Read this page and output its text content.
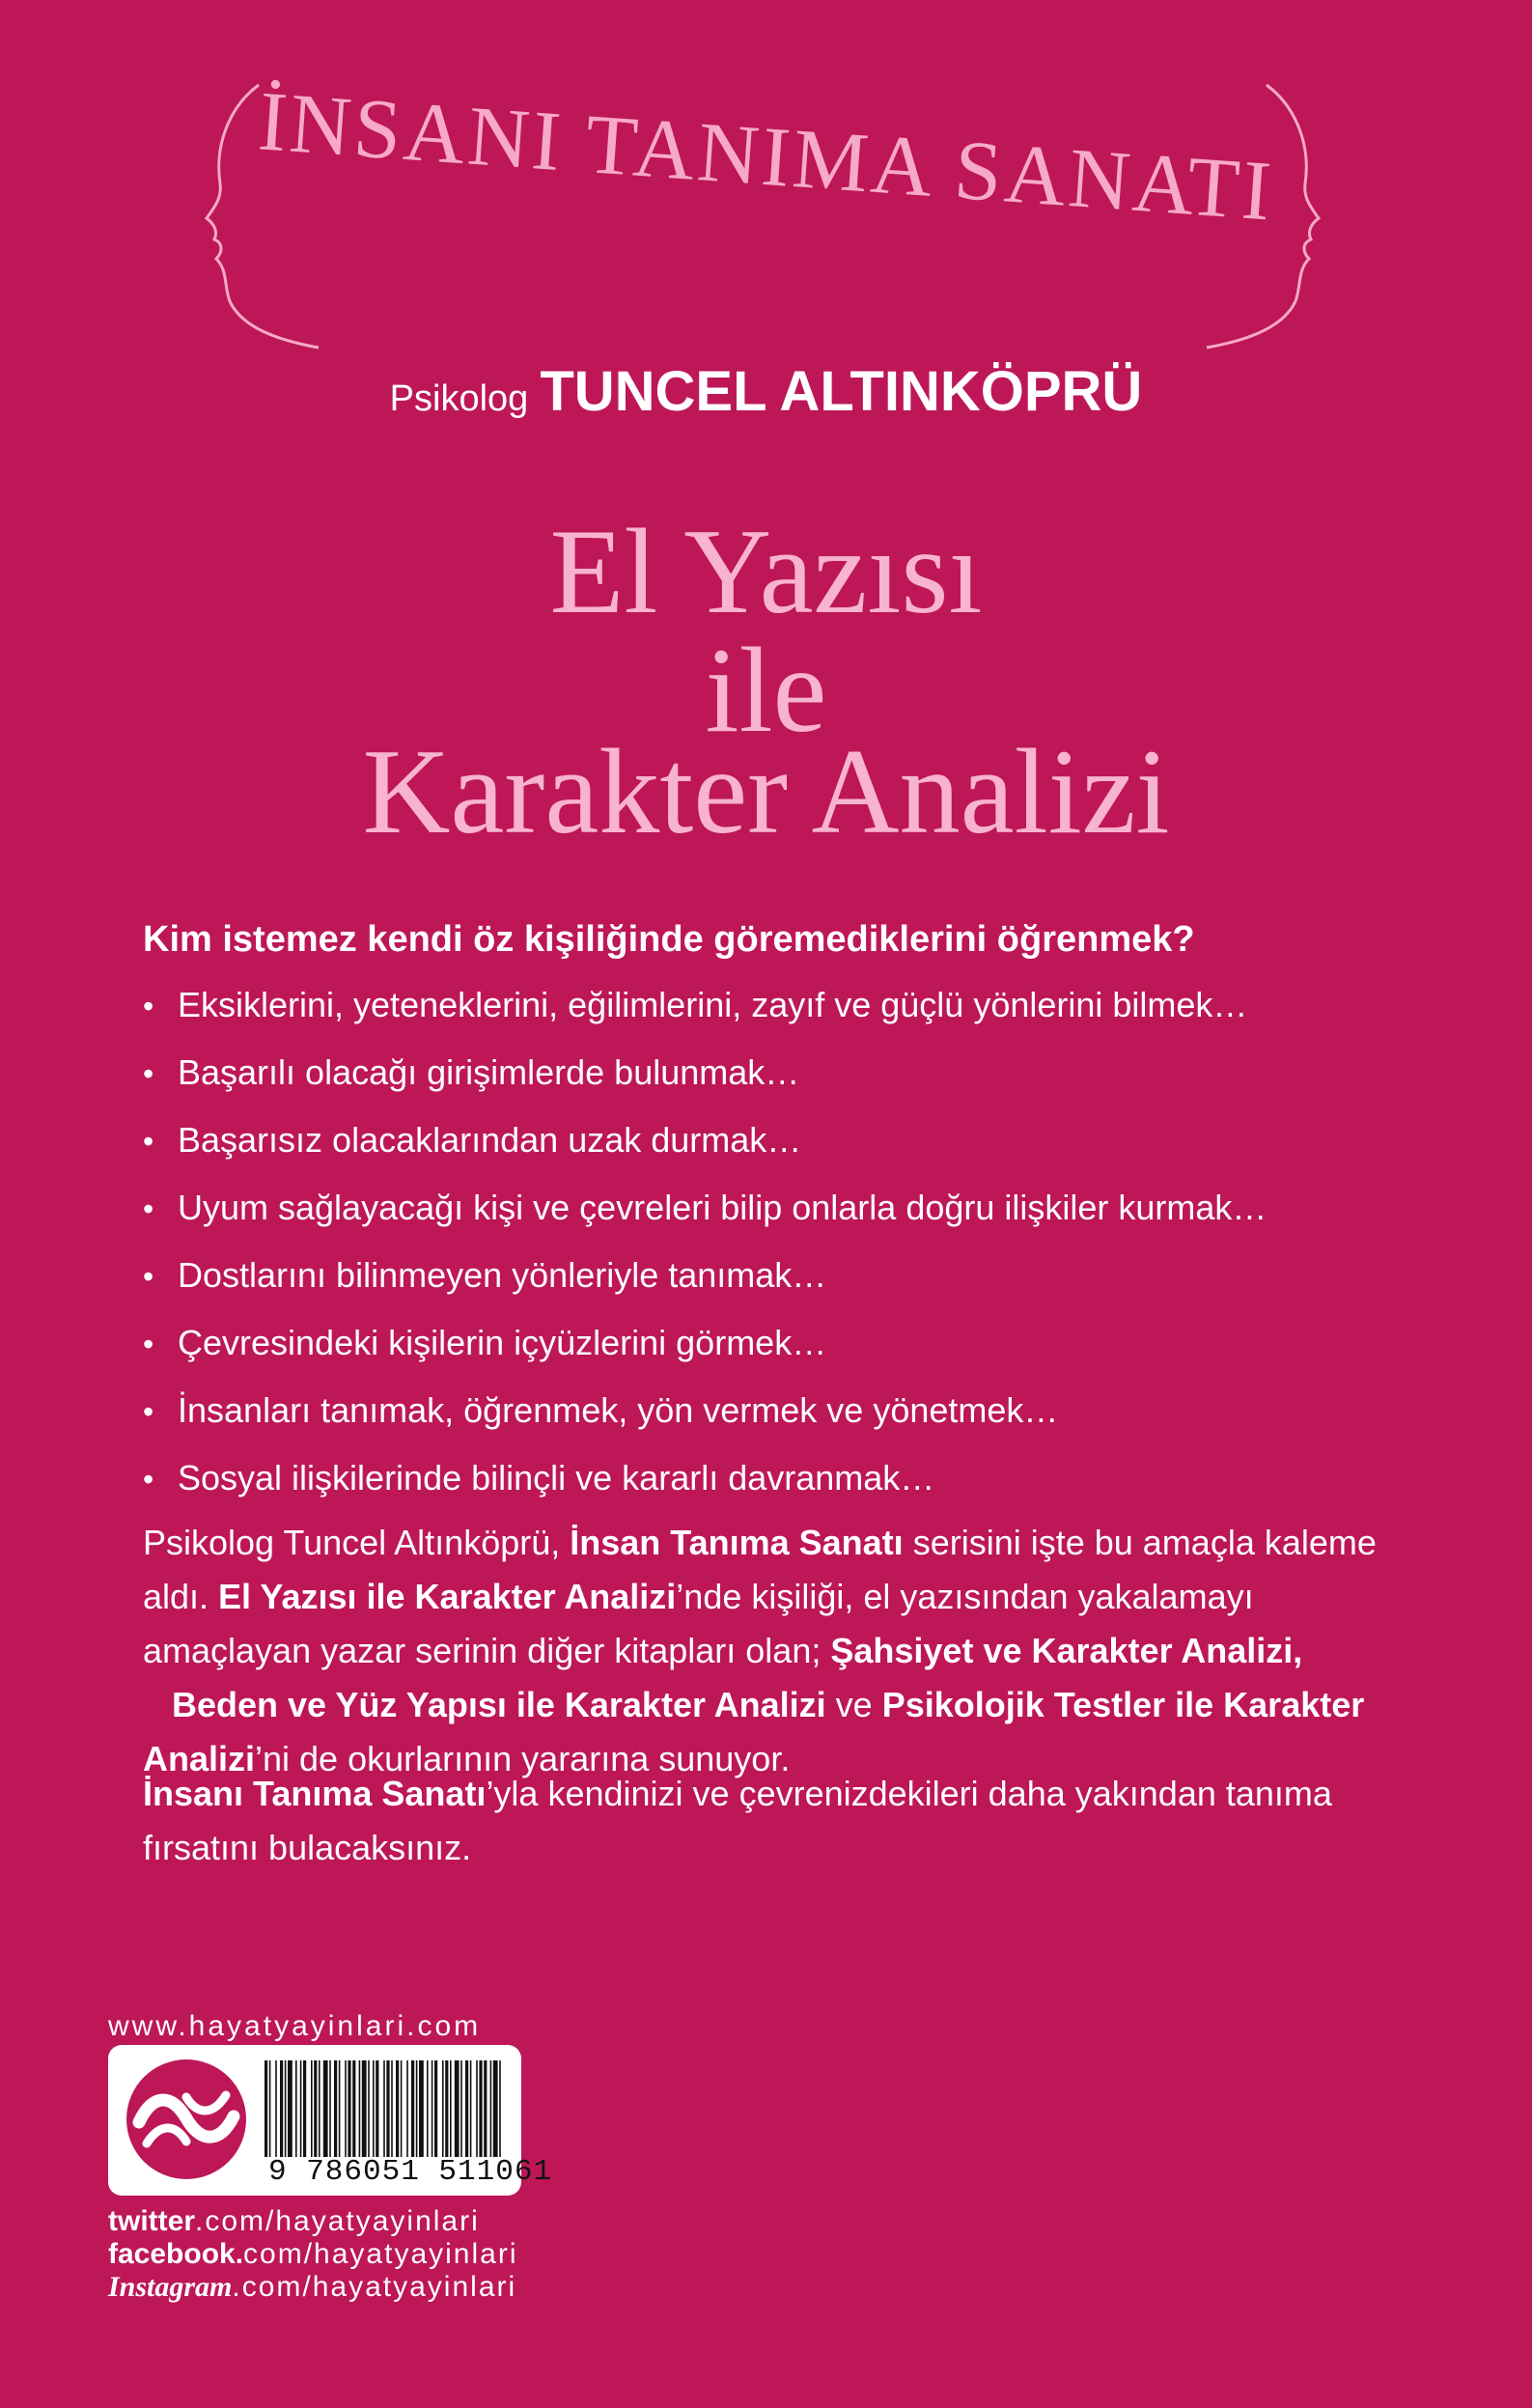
İNSANI TANIMA SANATI
Psikolog TUNCEL ALTINKÖPRÜ
El Yazısı
ile
Karakter Analizi
Kim istemez kendi öz kişiliğinde göremediklerini öğrenmek?
• Eksiklerini, yeteneklerini, eğilimlerini, zayıf ve güçlü yönlerini bilmek…
• Başarılı olacağı girişimlerde bulunmak…
• Başarısız olacaklarından uzak durmak…
• Uyum sağlayacağı kişi ve çevreleri bilip onlarla doğru ilişkiler kurmak…
• Dostlarını bilinmeyen yönleriyle tanımak…
• Çevresindeki kişilerin içyüzlerini görmek…
• İnsanları tanımak, öğrenmek, yön vermek ve yönetmek…
• Sosyal ilişkilerinde bilinçli ve kararlı davranmak…
Psikolog Tuncel Altınköprü, İnsan Tanıma Sanatı serisini işte bu amaçla kaleme aldı. El Yazısı ile Karakter Analizi’nde kişiliği, el yazısından yakalamayı amaçlayan yazar serinin diğer kitapları olan; Şahsiyet ve Karakter Analizi,   Beden ve Yüz Yapısı ile Karakter Analizi ve Psikolojik Testler ile Karakter Analizi’ni de okurlarının yararına sunuyor.
İnsanı Tanıma Sanatı’yla kendinizi ve çevrenizdekileri daha yakından tanıma fırsatını bulacaksınız.
www.hayatyayinlari.com
9 786051 511061
twitter.com/hayatyayinlari
facebook.com/hayatyayinlari
Instagram.com/hayatyayinlari
